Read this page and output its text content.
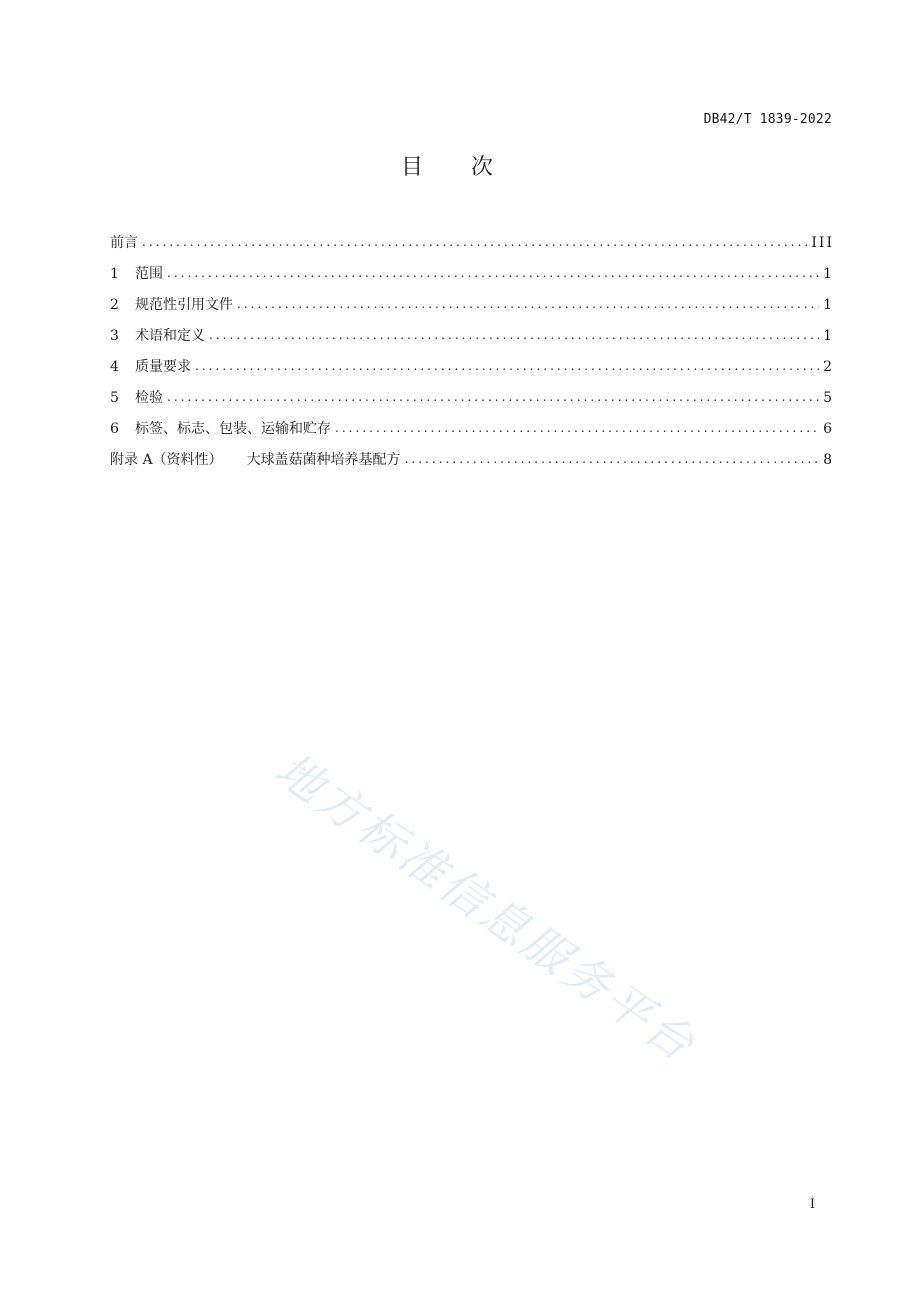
DB42/T 1839-2022
目次
前言 . . .	III
1	范围 . . .	1
2	规范性引用文件 . . .	1
3	术语和定义 . . .	1
4	质量要求 . . .	2
5	检验 . . .	5
6	标签、标志、包装、运输和贮存 . . .	6
附录 A（资料性） 大球盖菇菌种培养基配方 . . .	8
地方标准信息服务平台
I
